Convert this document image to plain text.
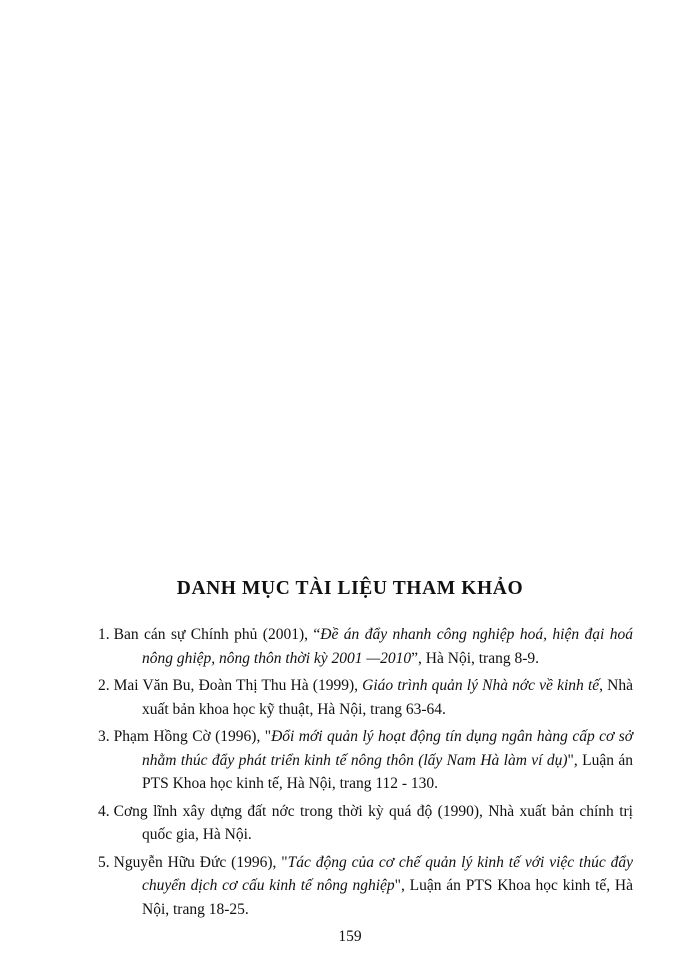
DANH MỤC TÀI LIỆU THAM KHẢO
1. Ban cán sự Chính phủ (2001), “Đề án đẩy nhanh công nghiệp hoá, hiện đại hoá nông ghiệp, nông thôn thời kỳ 2001 —2010”, Hà Nội, trang 8-9.
2. Mai Văn Bu, Đoàn Thị Thu Hà (1999), Giáo trình quản lý Nhà nớc về kinh tế, Nhà xuất bản khoa học kỹ thuật, Hà Nội, trang 63-64.
3. Phạm Hồng Cờ (1996), "Đổi mới quản lý hoạt động tín dụng ngân hàng cấp cơ sở nhằm thúc đẩy phát triển kinh tế nông thôn (lấy Nam Hà làm ví dụ)", Luận án PTS Khoa học kinh tế, Hà Nội, trang 112 - 130.
4. Cơng lĩnh xây dựng đất nớc trong thời kỳ quá độ (1990), Nhà xuất bản chính trị quốc gia, Hà Nội.
5. Nguyễn Hữu Đức (1996), "Tác động của cơ chế quản lý kinh tế với việc thúc đẩy chuyển dịch cơ cấu kinh tế nông nghiệp", Luận án PTS Khoa học kinh tế, Hà Nội, trang 18-25.
159
